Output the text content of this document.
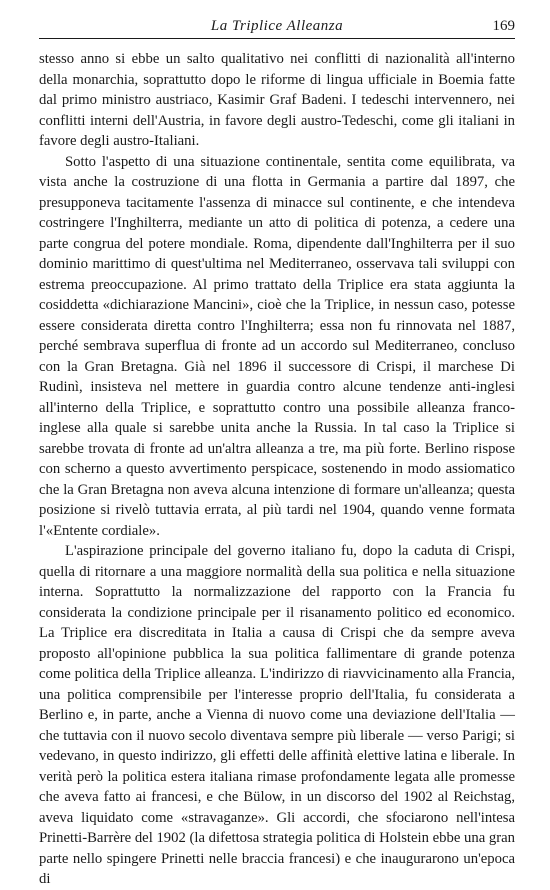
La Triplice Alleanza	169

stesso anno si ebbe un salto qualitativo nei conflitti di nazionalità all'interno della monarchia, soprattutto dopo le riforme di lingua ufficiale in Boemia fatte dal primo ministro austriaco, Kasimir Graf Badeni. I tedeschi intervennero, nei conflitti interni dell'Austria, in favore degli austro-Tedeschi, come gli italiani in favore degli austro-Italiani.

Sotto l'aspetto di una situazione continentale, sentita come equilibrata, va vista anche la costruzione di una flotta in Germania a partire dal 1897, che presupponeva tacitamente l'assenza di minacce sul continente, e che intendeva costringere l'Inghilterra, mediante un atto di politica di potenza, a cedere una parte congrua del potere mondiale. Roma, dipendente dall'Inghilterra per il suo dominio marittimo di quest'ultima nel Mediterraneo, osservava tali sviluppi con estrema preoccupazione. Al primo trattato della Triplice era stata aggiunta la cosiddetta «dichiarazione Mancini», cioè che la Triplice, in nessun caso, potesse essere considerata diretta contro l'Inghilterra; essa non fu rinnovata nel 1887, perché sembrava superflua di fronte ad un accordo sul Mediterraneo, concluso con la Gran Bretagna. Già nel 1896 il successore di Crispi, il marchese Di Rudinì, insisteva nel mettere in guardia contro alcune tendenze anti-inglesi all'interno della Triplice, e soprattutto contro una possibile alleanza franco-inglese alla quale si sarebbe unita anche la Russia. In tal caso la Triplice si sarebbe trovata di fronte ad un'altra alleanza a tre, ma più forte. Berlino rispose con scherno a questo avvertimento perspicace, sostenendo in modo assiomatico che la Gran Bretagna non aveva alcuna intenzione di formare un'alleanza; questa posizione si rivelò tuttavia errata, al più tardi nel 1904, quando venne formata l'«Entente cordiale».

L'aspirazione principale del governo italiano fu, dopo la caduta di Crispi, quella di ritornare a una maggiore normalità della sua politica e nella situazione interna. Soprattutto la normalizzazione del rapporto con la Francia fu considerata la condizione principale per il risanamento politico ed economico. La Triplice era discreditata in Italia a causa di Crispi che da sempre aveva proposto all'opinione pubblica la sua politica fallimentare di grande potenza come politica della Triplice alleanza. L'indirizzo di riavvicinamento alla Francia, una politica comprensibile per l'interesse proprio dell'Italia, fu considerata a Berlino e, in parte, anche a Vienna di nuovo come una deviazione dell'Italia — che tuttavia con il nuovo secolo diventava sempre più liberale — verso Parigi; si vedevano, in questo indirizzo, gli effetti delle affinità elettive latina e liberale. In verità però la politica estera italiana rimase profondamente legata alle promesse che aveva fatto ai francesi, e che Bülow, in un discorso del 1902 al Reichstag, aveva liquidato come «stravaganze». Gli accordi, che sfociarono nell'intesa Prinetti-Barrère del 1902 (la difettosa strategia politica di Holstein ebbe una gran parte nello spingere Prinetti nelle braccia francesi) e che inaugurarono un'epoca di
